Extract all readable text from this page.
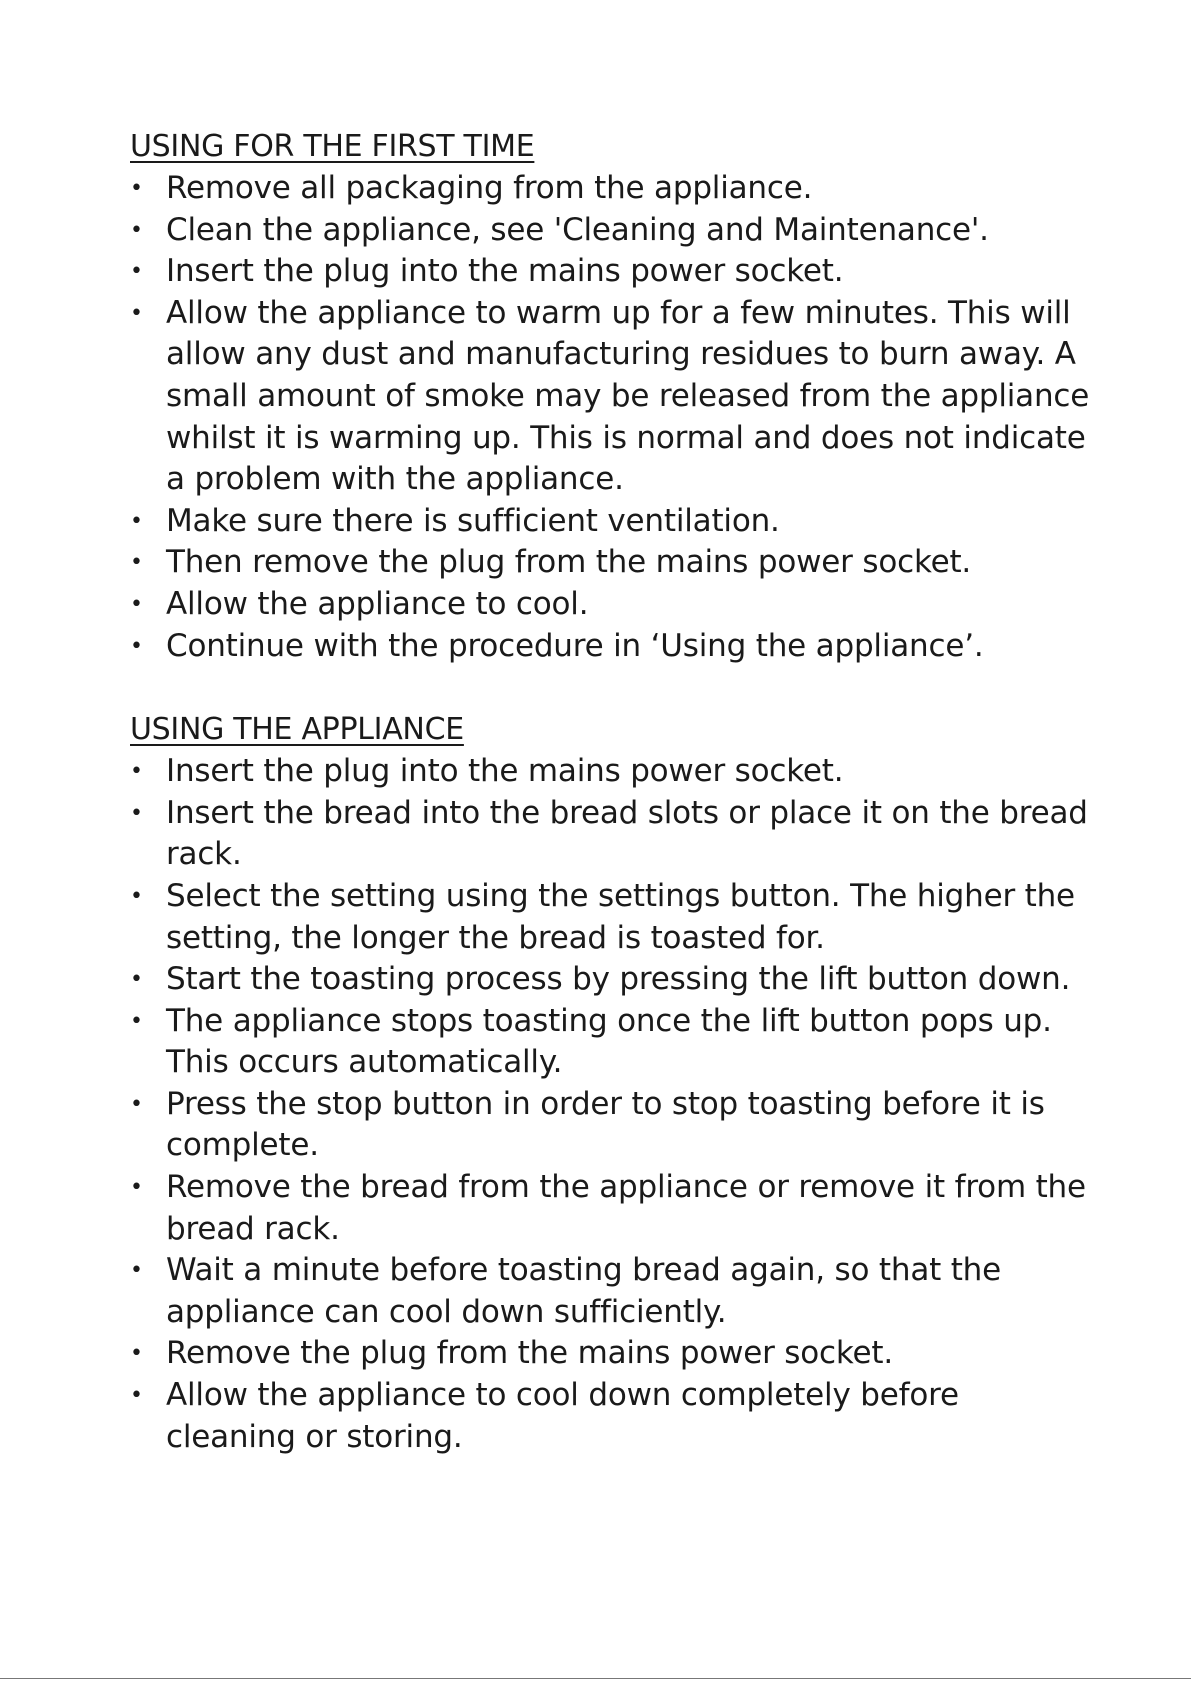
USING FOR THE FIRST TIME
• Remove all packaging from the appliance.
• Clean the appliance, see 'Cleaning and Maintenance'.
• Insert the plug into the mains power socket.
• Allow the appliance to warm up for a few minutes. This will allow any dust and manufacturing residues to burn away. A small amount of smoke may be released from the appliance whilst it is warming up. This is normal and does not indicate a problem with the appliance.
• Make sure there is sufficient ventilation.
• Then remove the plug from the mains power socket.
• Allow the appliance to cool.
• Continue with the procedure in ‘Using the appliance’.
USING THE APPLIANCE
• Insert the plug into the mains power socket.
• Insert the bread into the bread slots or place it on the bread rack.
• Select the setting using the settings button. The higher the setting, the longer the bread is toasted for.
• Start the toasting process by pressing the lift button down.
• The appliance stops toasting once the lift button pops up. This occurs automatically.
• Press the stop button in order to stop toasting before it is complete.
• Remove the bread from the appliance or remove it from the bread rack.
• Wait a minute before toasting bread again, so that the appliance can cool down sufficiently.
• Remove the plug from the mains power socket.
• Allow the appliance to cool down completely before cleaning or storing.
